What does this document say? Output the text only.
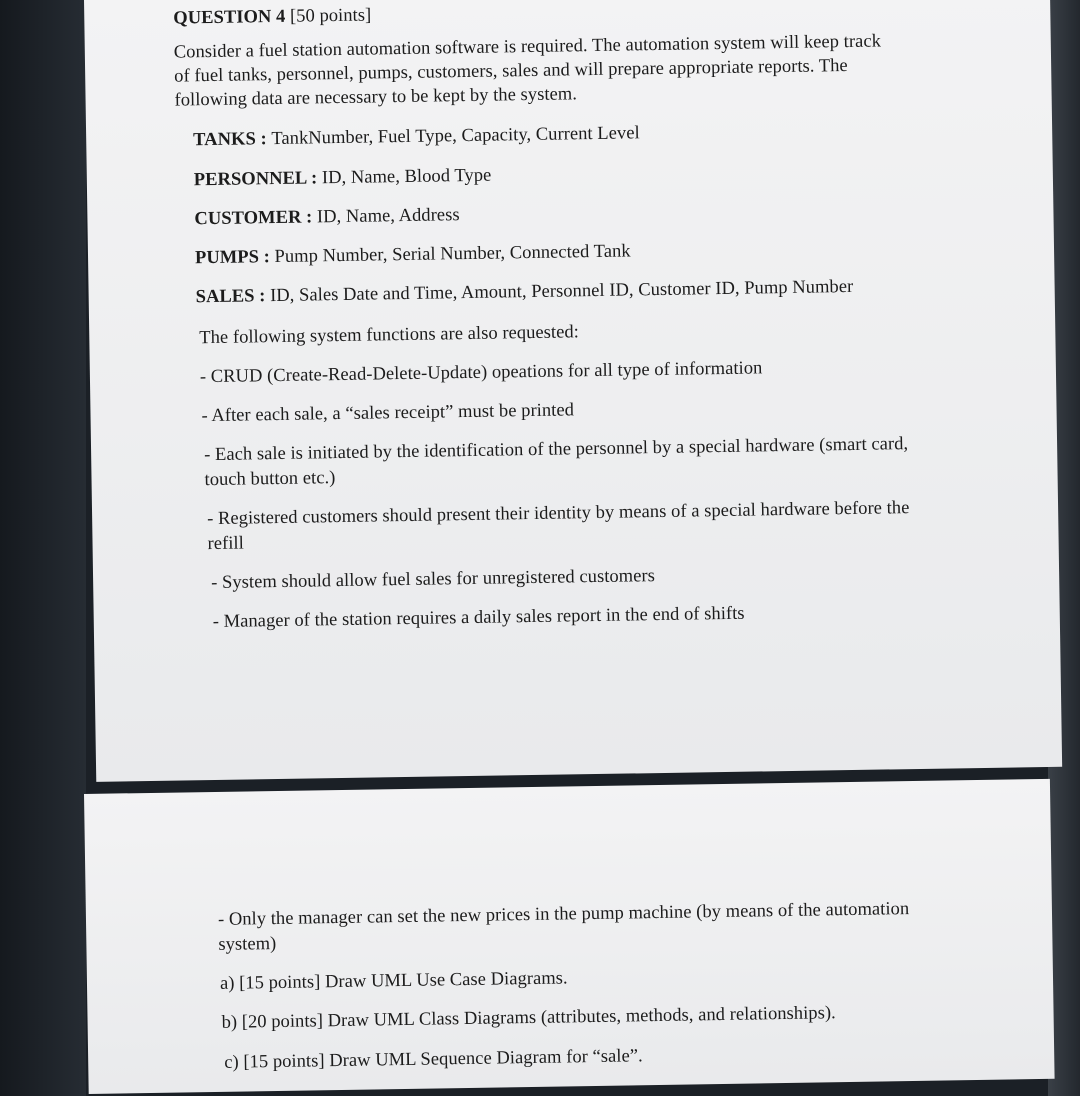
QUESTION 4 [50 points]
Consider a fuel station automation software is required. The automation system will keep track
of fuel tanks, personnel, pumps, customers, sales and will prepare appropriate reports. The
following data are necessary to be kept by the system.
TANKS : TankNumber, Fuel Type, Capacity, Current Level
PERSONNEL : ID, Name, Blood Type
CUSTOMER : ID, Name, Address
PUMPS : Pump Number, Serial Number, Connected Tank
SALES : ID, Sales Date and Time, Amount, Personnel ID, Customer ID, Pump Number
The following system functions are also requested:
- CRUD (Create-Read-Delete-Update) opeations for all type of information
- After each sale, a “sales receipt” must be printed
- Each sale is initiated by the identification of the personnel by a special hardware (smart card,
touch button etc.)
- Registered customers should present their identity by means of a special hardware before the
refill
- System should allow fuel sales for unregistered customers
- Manager of the station requires a daily sales report in the end of shifts
- Only the manager can set the new prices in the pump machine (by means of the automation
system)
a) [15 points] Draw UML Use Case Diagrams.
b) [20 points] Draw UML Class Diagrams (attributes, methods, and relationships).
c) [15 points] Draw UML Sequence Diagram for “sale”.
